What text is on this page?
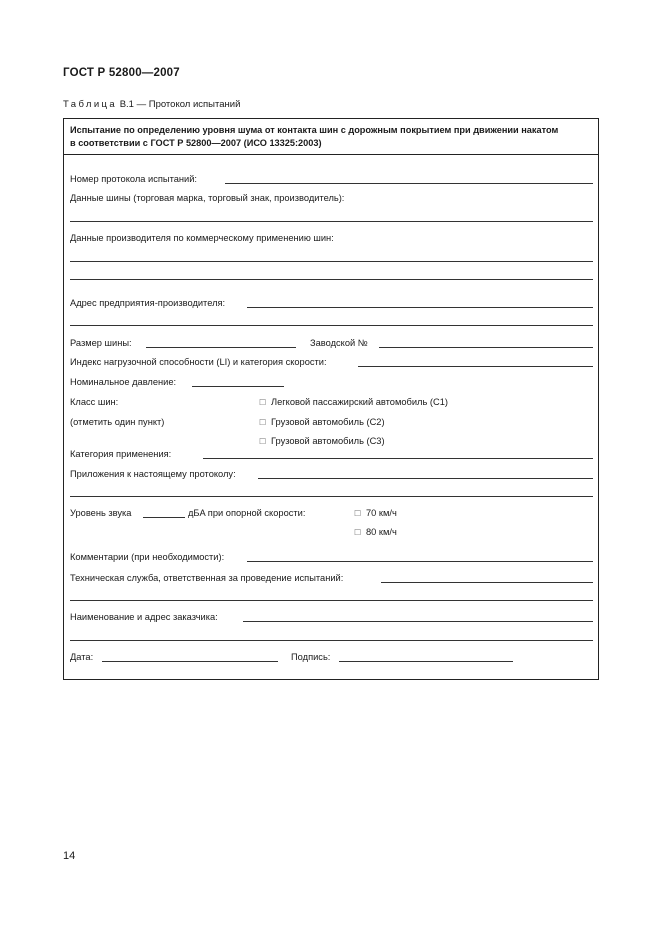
ГОСТ Р 52800—2007
Таблица В.1 — Протокол испытаний
Испытание по определению уровня шума от контакта шин с дорожным покрытием при движении накатом
в соответствии с ГОСТ Р 52800—2007 (ИСО 13325:2003)
Номер протокола испытаний:
Данные шины (торговая марка, торговый знак, производитель):
Данные производителя по коммерческому применению шин:
Адрес предприятия-производителя:
Размер шины:	Заводской №
Индекс нагрузочной способности (LI) и категория скорости:
Номинальное давление:
Класс шин:
(отметить один пункт)
☐ Легковой пассажирский автомобиль (С1)
☐ Грузовой автомобиль (С2)
☐ Грузовой автомобиль (С3)
Категория применения:
Приложения к настоящему протоколу:
Уровень звука	дБA при опорной скорости:	☐ 70 км/ч
☐ 80 км/ч
Комментарии (при необходимости):
Техническая служба, ответственная за проведение испытаний:
Наименование и адрес заказчика:
Дата:	Подпись:
14
